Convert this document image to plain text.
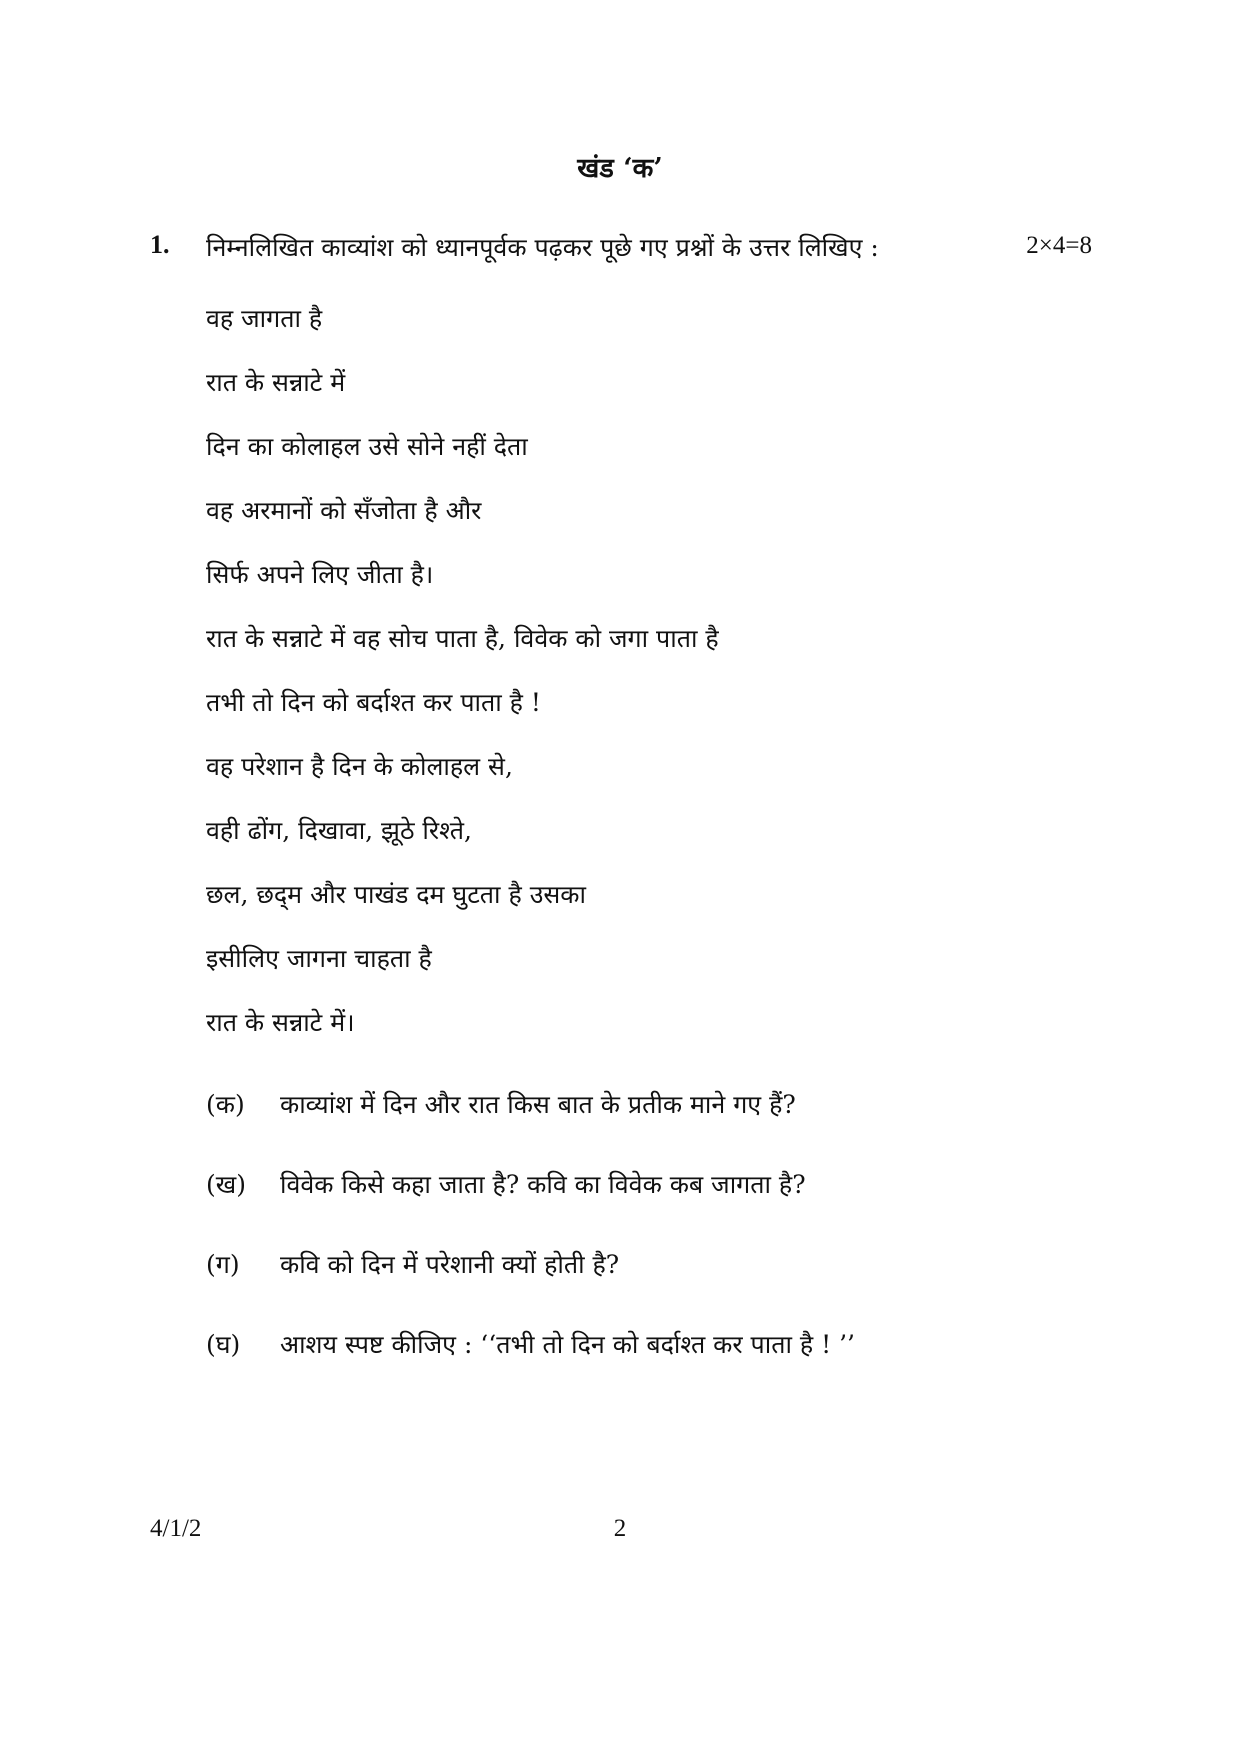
खंड ‘क’
1. निम्नलिखित काव्यांश को ध्यानपूर्वक पढ़कर पूछे गए प्रश्नों के उत्तर लिखिए :	2×4=8
वह जागता है
रात के सन्नाटे में
दिन का कोलाहल उसे सोने नहीं देता
वह अरमानों को सँजोता है और
सिर्फ अपने लिए जीता है।
रात के सन्नाटे में वह सोच पाता है, विवेक को जगा पाता है
तभी तो दिन को बर्दाश्त कर पाता है !
वह परेशान है दिन के कोलाहल से,
वही ढोंग, दिखावा, झूठे रिश्ते,
छल, छद्‌म और पाखंड दम घुटता है उसका
इसीलिए जागना चाहता है
रात के सन्नाटे में।
(क)	काव्यांश में दिन और रात किस बात के प्रतीक माने गए हैं?
(ख)	विवेक किसे कहा जाता है? कवि का विवेक कब जागता है?
(ग)	कवि को दिन में परेशानी क्यों होती है?
(घ)	आशय स्पष्ट कीजिए : ‘‘तभी तो दिन को बर्दाश्त कर पाता है ! ’’
4/1/2	2
